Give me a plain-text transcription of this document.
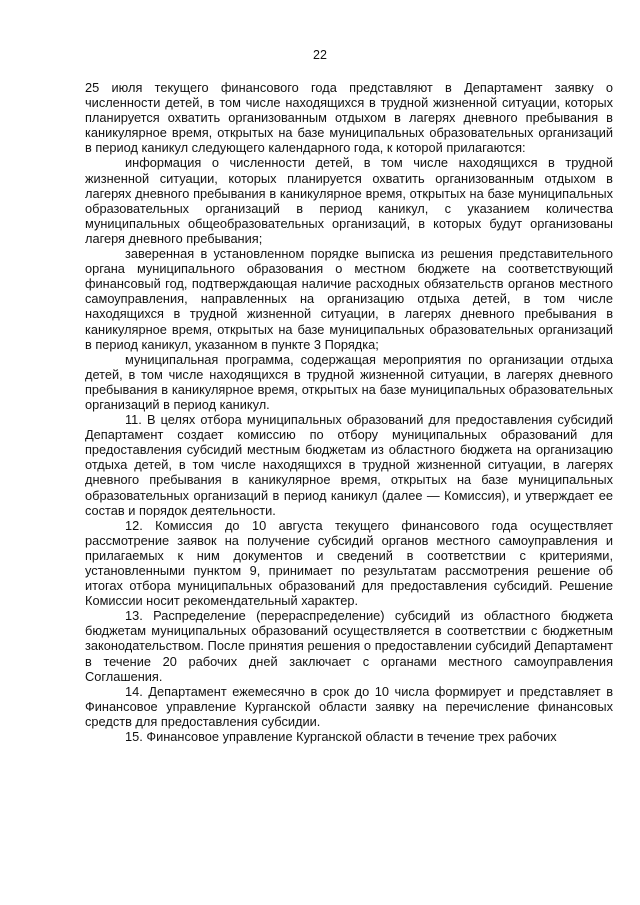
22

25 июля текущего финансового года представляют в Департамент заявку о численности детей, в том числе находящихся в трудной жизненной ситуации, которых планируется охватить организованным отдыхом в лагерях дневного пребывания в каникулярное время, открытых на базе муниципальных образовательных организаций в период каникул следующего календарного года, к которой прилагаются:

информация о численности детей, в том числе находящихся в трудной жизненной ситуации, которых планируется охватить организованным отдыхом в лагерях дневного пребывания в каникулярное время, открытых на базе муниципальных образовательных организаций в период каникул, с указанием количества муниципальных общеобразовательных организаций, в которых будут организованы лагеря дневного пребывания;

заверенная в установленном порядке выписка из решения представительного органа муниципального образования о местном бюджете на соответствующий финансовый год, подтверждающая наличие расходных обязательств органов местного самоуправления, направленных на организацию отдыха детей, в том числе находящихся в трудной жизненной ситуации, в лагерях дневного пребывания в каникулярное время, открытых на базе муниципальных образовательных организаций в период каникул, указанном в пункте 3 Порядка;

муниципальная программа, содержащая мероприятия по организации отдыха детей, в том числе находящихся в трудной жизненной ситуации, в лагерях дневного пребывания в каникулярное время, открытых на базе муниципальных образовательных организаций в период каникул.

11. В целях отбора муниципальных образований для предоставления субсидий Департамент создает комиссию по отбору муниципальных образований для предоставления субсидий местным бюджетам из областного бюджета на организацию отдыха детей, в том числе находящихся в трудной жизненной ситуации, в лагерях дневного пребывания в каникулярное время, открытых на базе муниципальных образовательных организаций в период каникул (далее — Комиссия), и утверждает ее состав и порядок деятельности.

12. Комиссия до 10 августа текущего финансового года осуществляет рассмотрение заявок на получение субсидий органов местного самоуправления и прилагаемых к ним документов и сведений в соответствии с критериями, установленными пунктом 9, принимает по результатам рассмотрения решение об итогах отбора муниципальных образований для предоставления субсидий. Решение Комиссии носит рекомендательный характер.

13. Распределение (перераспределение) субсидий из областного бюджета бюджетам муниципальных образований осуществляется в соответствии с бюджетным законодательством. После принятия решения о предоставлении субсидий Департамент в течение 20 рабочих дней заключает с органами местного самоуправления Соглашения.

14. Департамент ежемесячно в срок до 10 числа формирует и представляет в Финансовое управление Курганской области заявку на перечисление финансовых средств для предоставления субсидии.

15. Финансовое управление Курганской области в течение трех рабочих
